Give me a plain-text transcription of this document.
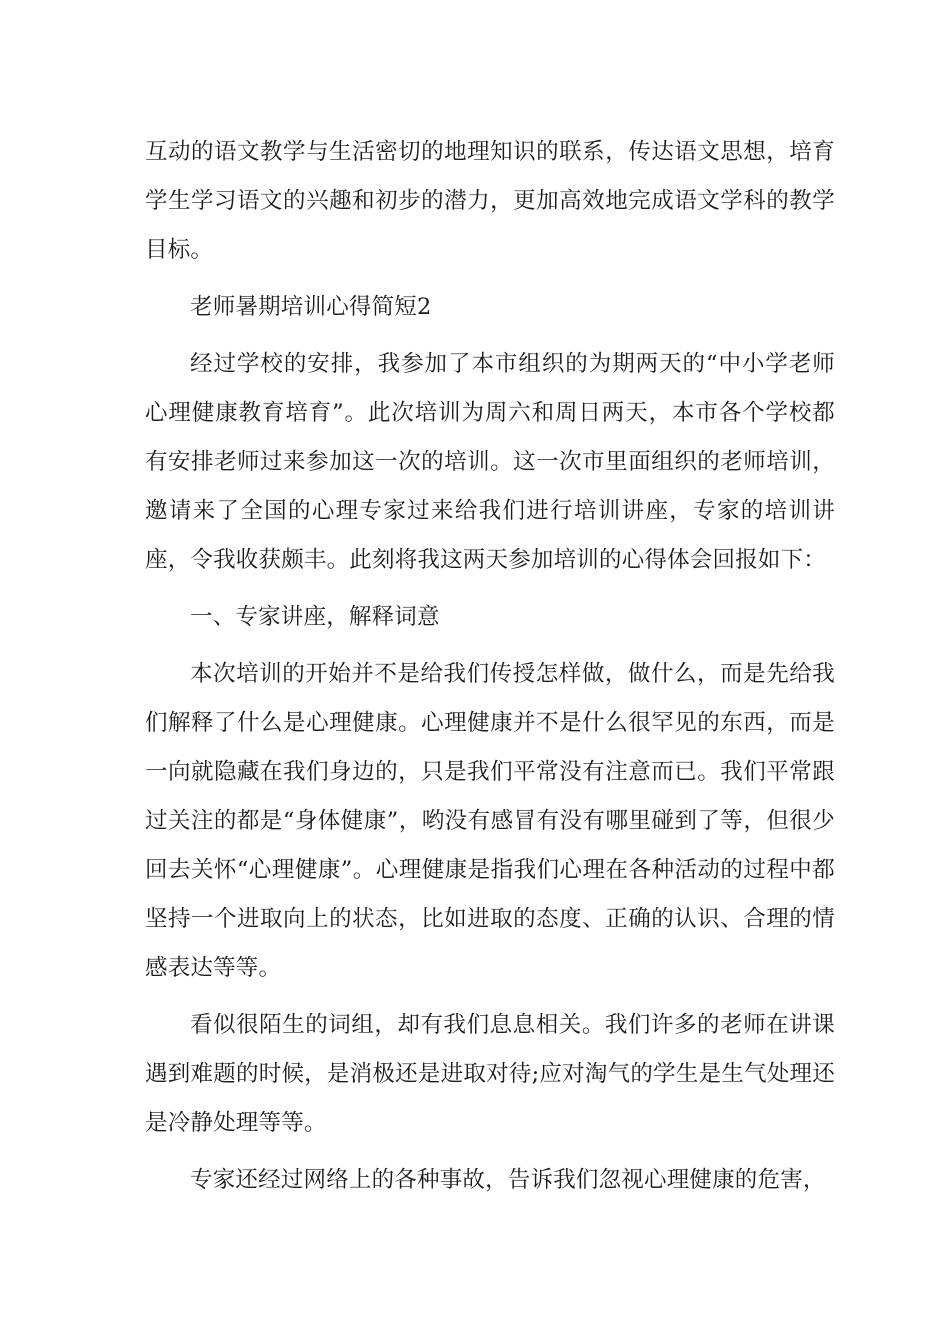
互动的语文教学与生活密切的地理知识的联系，传达语文思想，培育学生学习语文的兴趣和初步的潜力，更加高效地完成语文学科的教学目标。

老师暑期培训心得简短2

经过学校的安排，我参加了本市组织的为期两天的“中小学老师心理健康教育培育”。此次培训为周六和周日两天，本市各个学校都有安排老师过来参加这一次的培训。这一次市里面组织的老师培训，邀请来了全国的心理专家过来给我们进行培训讲座，专家的培训讲座，令我收获颇丰。此刻将我这两天参加培训的心得体会回报如下：

一、专家讲座，解释词意

本次培训的开始并不是给我们传授怎样做，做什么，而是先给我们解释了什么是心理健康。心理健康并不是什么很罕见的东西，而是一向就隐藏在我们身边的，只是我们平常没有注意而已。我们平常跟过关注的都是“身体健康”，哟没有感冒有没有哪里碰到了等，但很少回去关怀“心理健康”。心理健康是指我们心理在各种活动的过程中都坚持一个进取向上的状态，比如进取的态度、正确的认识、合理的情感表达等等。

看似很陌生的词组，却有我们息息相关。我们许多的老师在讲课遇到难题的时候，是消极还是进取对待;应对淘气的学生是生气处理还是冷静处理等等。

专家还经过网络上的各种事故，告诉我们忽视心理健康的危害，
